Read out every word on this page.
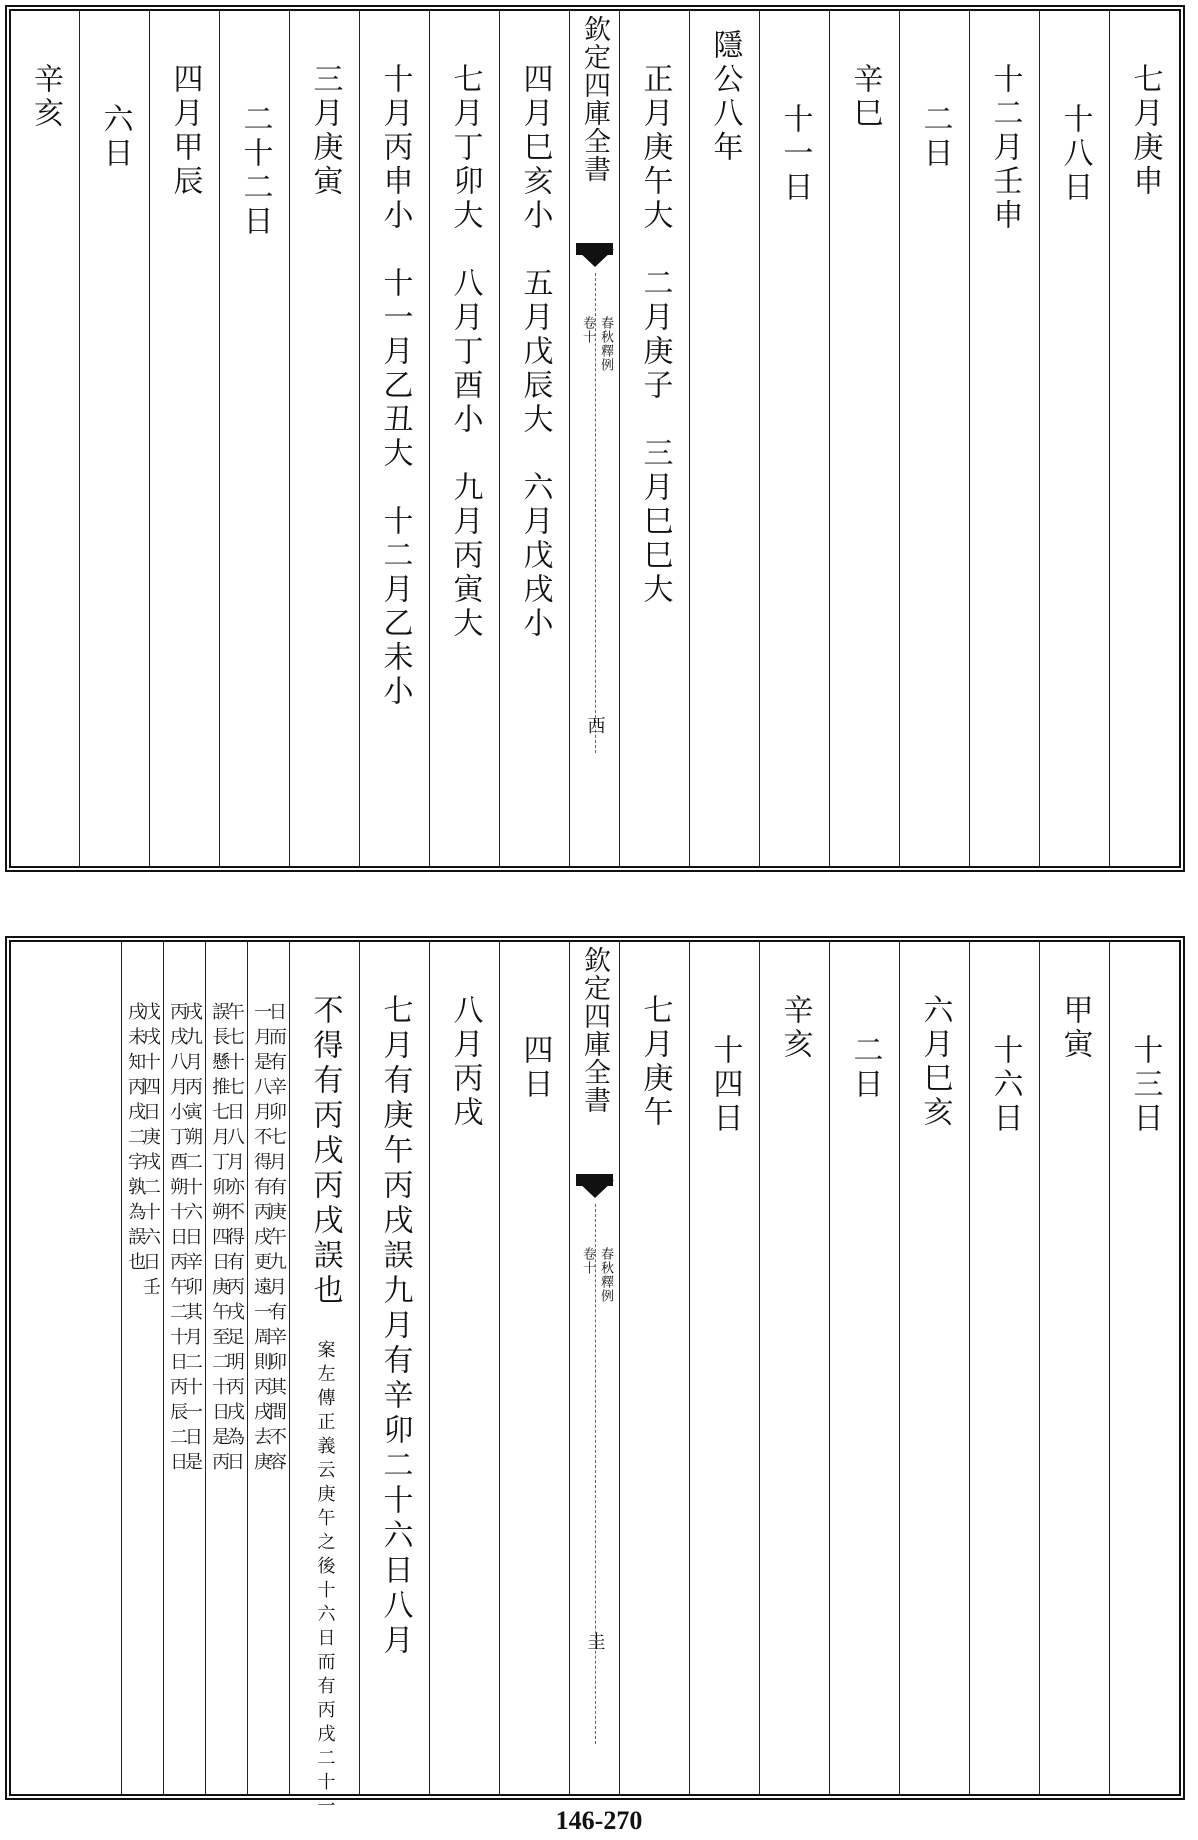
七月庚申
十八日
十二月壬申
二日
辛巳
十一日
隱公八年
正月庚午大　二月庚子　三月巳巳大
欽定四庫全書
春秋釋例
卷十
西
四月巳亥小　五月戊辰大　六月戊戌小
七月丁卯大　八月丁酉小　九月丙寅大
十月丙申小　十一月乙丑大　十二月乙未小
三月庚寅
二十二日
四月甲辰
六日
辛亥
十三日
甲寅
十六日
六月巳亥
二日
辛亥
十四日
七月庚午
欽定四庫全書
春秋釋例
卷十
圭
四日
八月丙戌
七月有庚午丙戌誤九月有辛卯二十六日八月
不得有丙戌丙戌誤也
案左傳正義云庚午之後十六日而有丙戌二十一
日而有辛卯七月有庚午九月有辛卯其間不容
一月是八月不得有丙戌更遠一周則丙戌去庚
午七十七日八月亦不得有丙戌足明丙戌為日
誤長懸推七月丁卯朔四日庚午至二十日是丙
戌九月丙寅朔二十六日辛卯其月二十一日是
丙戌八月小丁酉朔十日丙午二十日丙辰二日
戊戌十四日庚戌二十六日壬
戌未知丙戌二字孰為誤也
146-270
